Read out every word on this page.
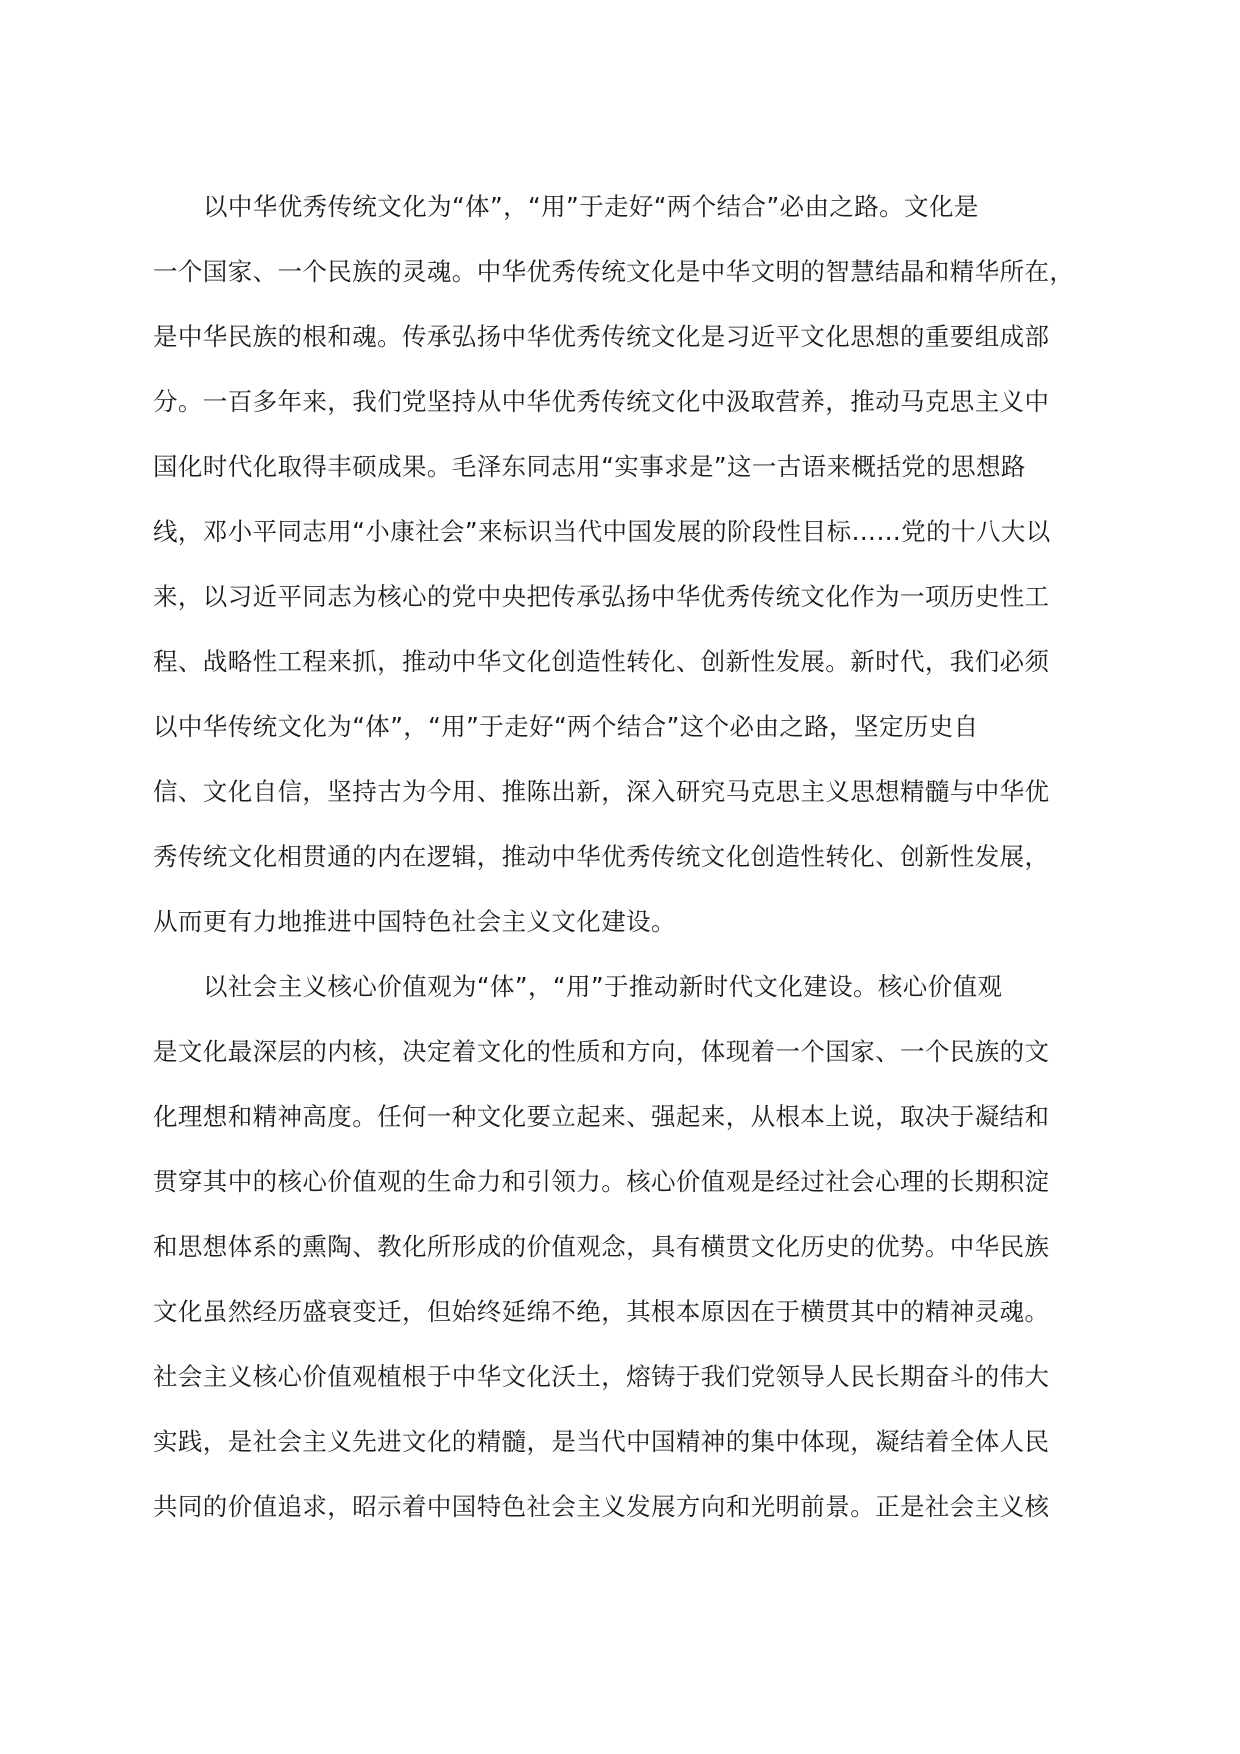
以中华优秀传统文化为“体”，“用”于走好“两个结合”必由之路。文化是
一个国家、一个民族的灵魂。中华优秀传统文化是中华文明的智慧结晶和精华所在，
是中华民族的根和魂。传承弘扬中华优秀传统文化是习近平文化思想的重要组成部
分。一百多年来，我们党坚持从中华优秀传统文化中汲取营养，推动马克思主义中
国化时代化取得丰硕成果。毛泽东同志用“实事求是”这一古语来概括党的思想路
线，邓小平同志用“小康社会”来标识当代中国发展的阶段性目标……党的十八大以
来，以习近平同志为核心的党中央把传承弘扬中华优秀传统文化作为一项历史性工
程、战略性工程来抓，推动中华文化创造性转化、创新性发展。新时代，我们必须
以中华传统文化为“体”，“用”于走好“两个结合”这个必由之路，坚定历史自
信、文化自信，坚持古为今用、推陈出新，深入研究马克思主义思想精髓与中华优
秀传统文化相贯通的内在逻辑，推动中华优秀传统文化创造性转化、创新性发展，
从而更有力地推进中国特色社会主义文化建设。
以社会主义核心价值观为“体”，“用”于推动新时代文化建设。核心价值观
是文化最深层的内核，决定着文化的性质和方向，体现着一个国家、一个民族的文
化理想和精神高度。任何一种文化要立起来、强起来，从根本上说，取决于凝结和
贯穿其中的核心价值观的生命力和引领力。核心价值观是经过社会心理的长期积淀
和思想体系的熏陶、教化所形成的价值观念，具有横贯文化历史的优势。中华民族
文化虽然经历盛衰变迁，但始终延绵不绝，其根本原因在于横贯其中的精神灵魂。
社会主义核心价值观植根于中华文化沃土，熔铸于我们党领导人民长期奋斗的伟大
实践，是社会主义先进文化的精髓，是当代中国精神的集中体现，凝结着全体人民
共同的价值追求，昭示着中国特色社会主义发展方向和光明前景。正是社会主义核
